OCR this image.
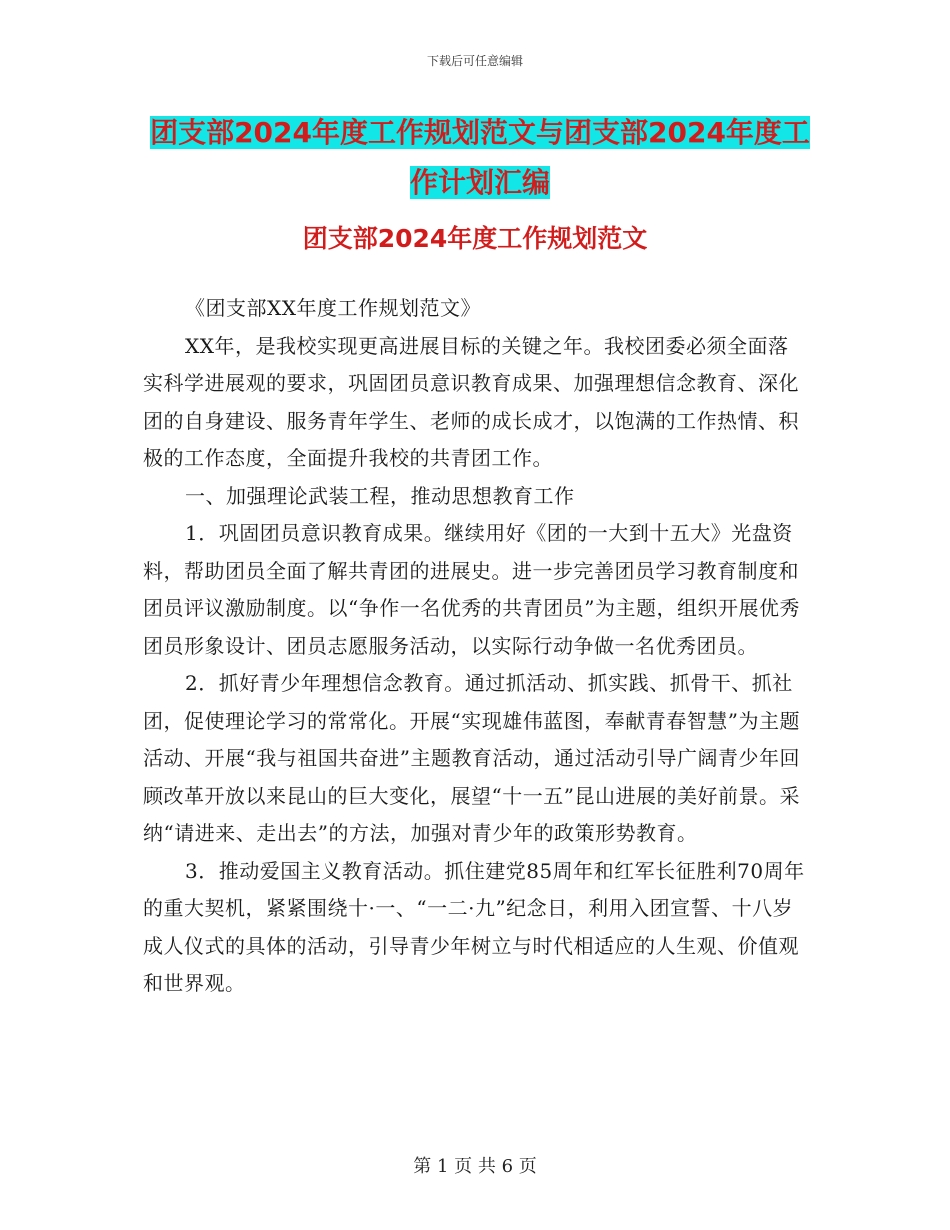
下载后可任意编辑
团支部2024年度工作规划范文与团支部2024年度工
作计划汇编
团支部2024年度工作规划范文

《团支部XX年度工作规划范文》

XX年，是我校实现更高进展目标的关键之年。我校团委必须全面落实科学进展观的要求，巩固团员意识教育成果、加强理想信念教育、深化团的自身建设、服务青年学生、老师的成长成才，以饱满的工作热情、积极的工作态度，全面提升我校的共青团工作。

一、加强理论武装工程，推动思想教育工作

1．巩固团员意识教育成果。继续用好《团的一大到十五大》光盘资料，帮助团员全面了解共青团的进展史。进一步完善团员学习教育制度和团员评议激励制度。以“争作一名优秀的共青团员”为主题，组织开展优秀团员形象设计、团员志愿服务活动，以实际行动争做一名优秀团员。

2．抓好青少年理想信念教育。通过抓活动、抓实践、抓骨干、抓社团，促使理论学习的常常化。开展“实现雄伟蓝图，奉献青春智慧”为主题活动、开展“我与祖国共奋进”主题教育活动，通过活动引导广阔青少年回顾改革开放以来昆山的巨大变化，展望“十一五”昆山进展的美好前景。采纳“请进来、走出去”的方法，加强对青少年的政策形势教育。

3．推动爱国主义教育活动。抓住建党85周年和红军长征胜利70周年的重大契机，紧紧围绕十·一、“一二·九”纪念日，利用入团宣誓、十八岁成人仪式的具体的活动，引导青少年树立与时代相适应的人生观、价值观和世界观。

第 1 页 共 6 页
